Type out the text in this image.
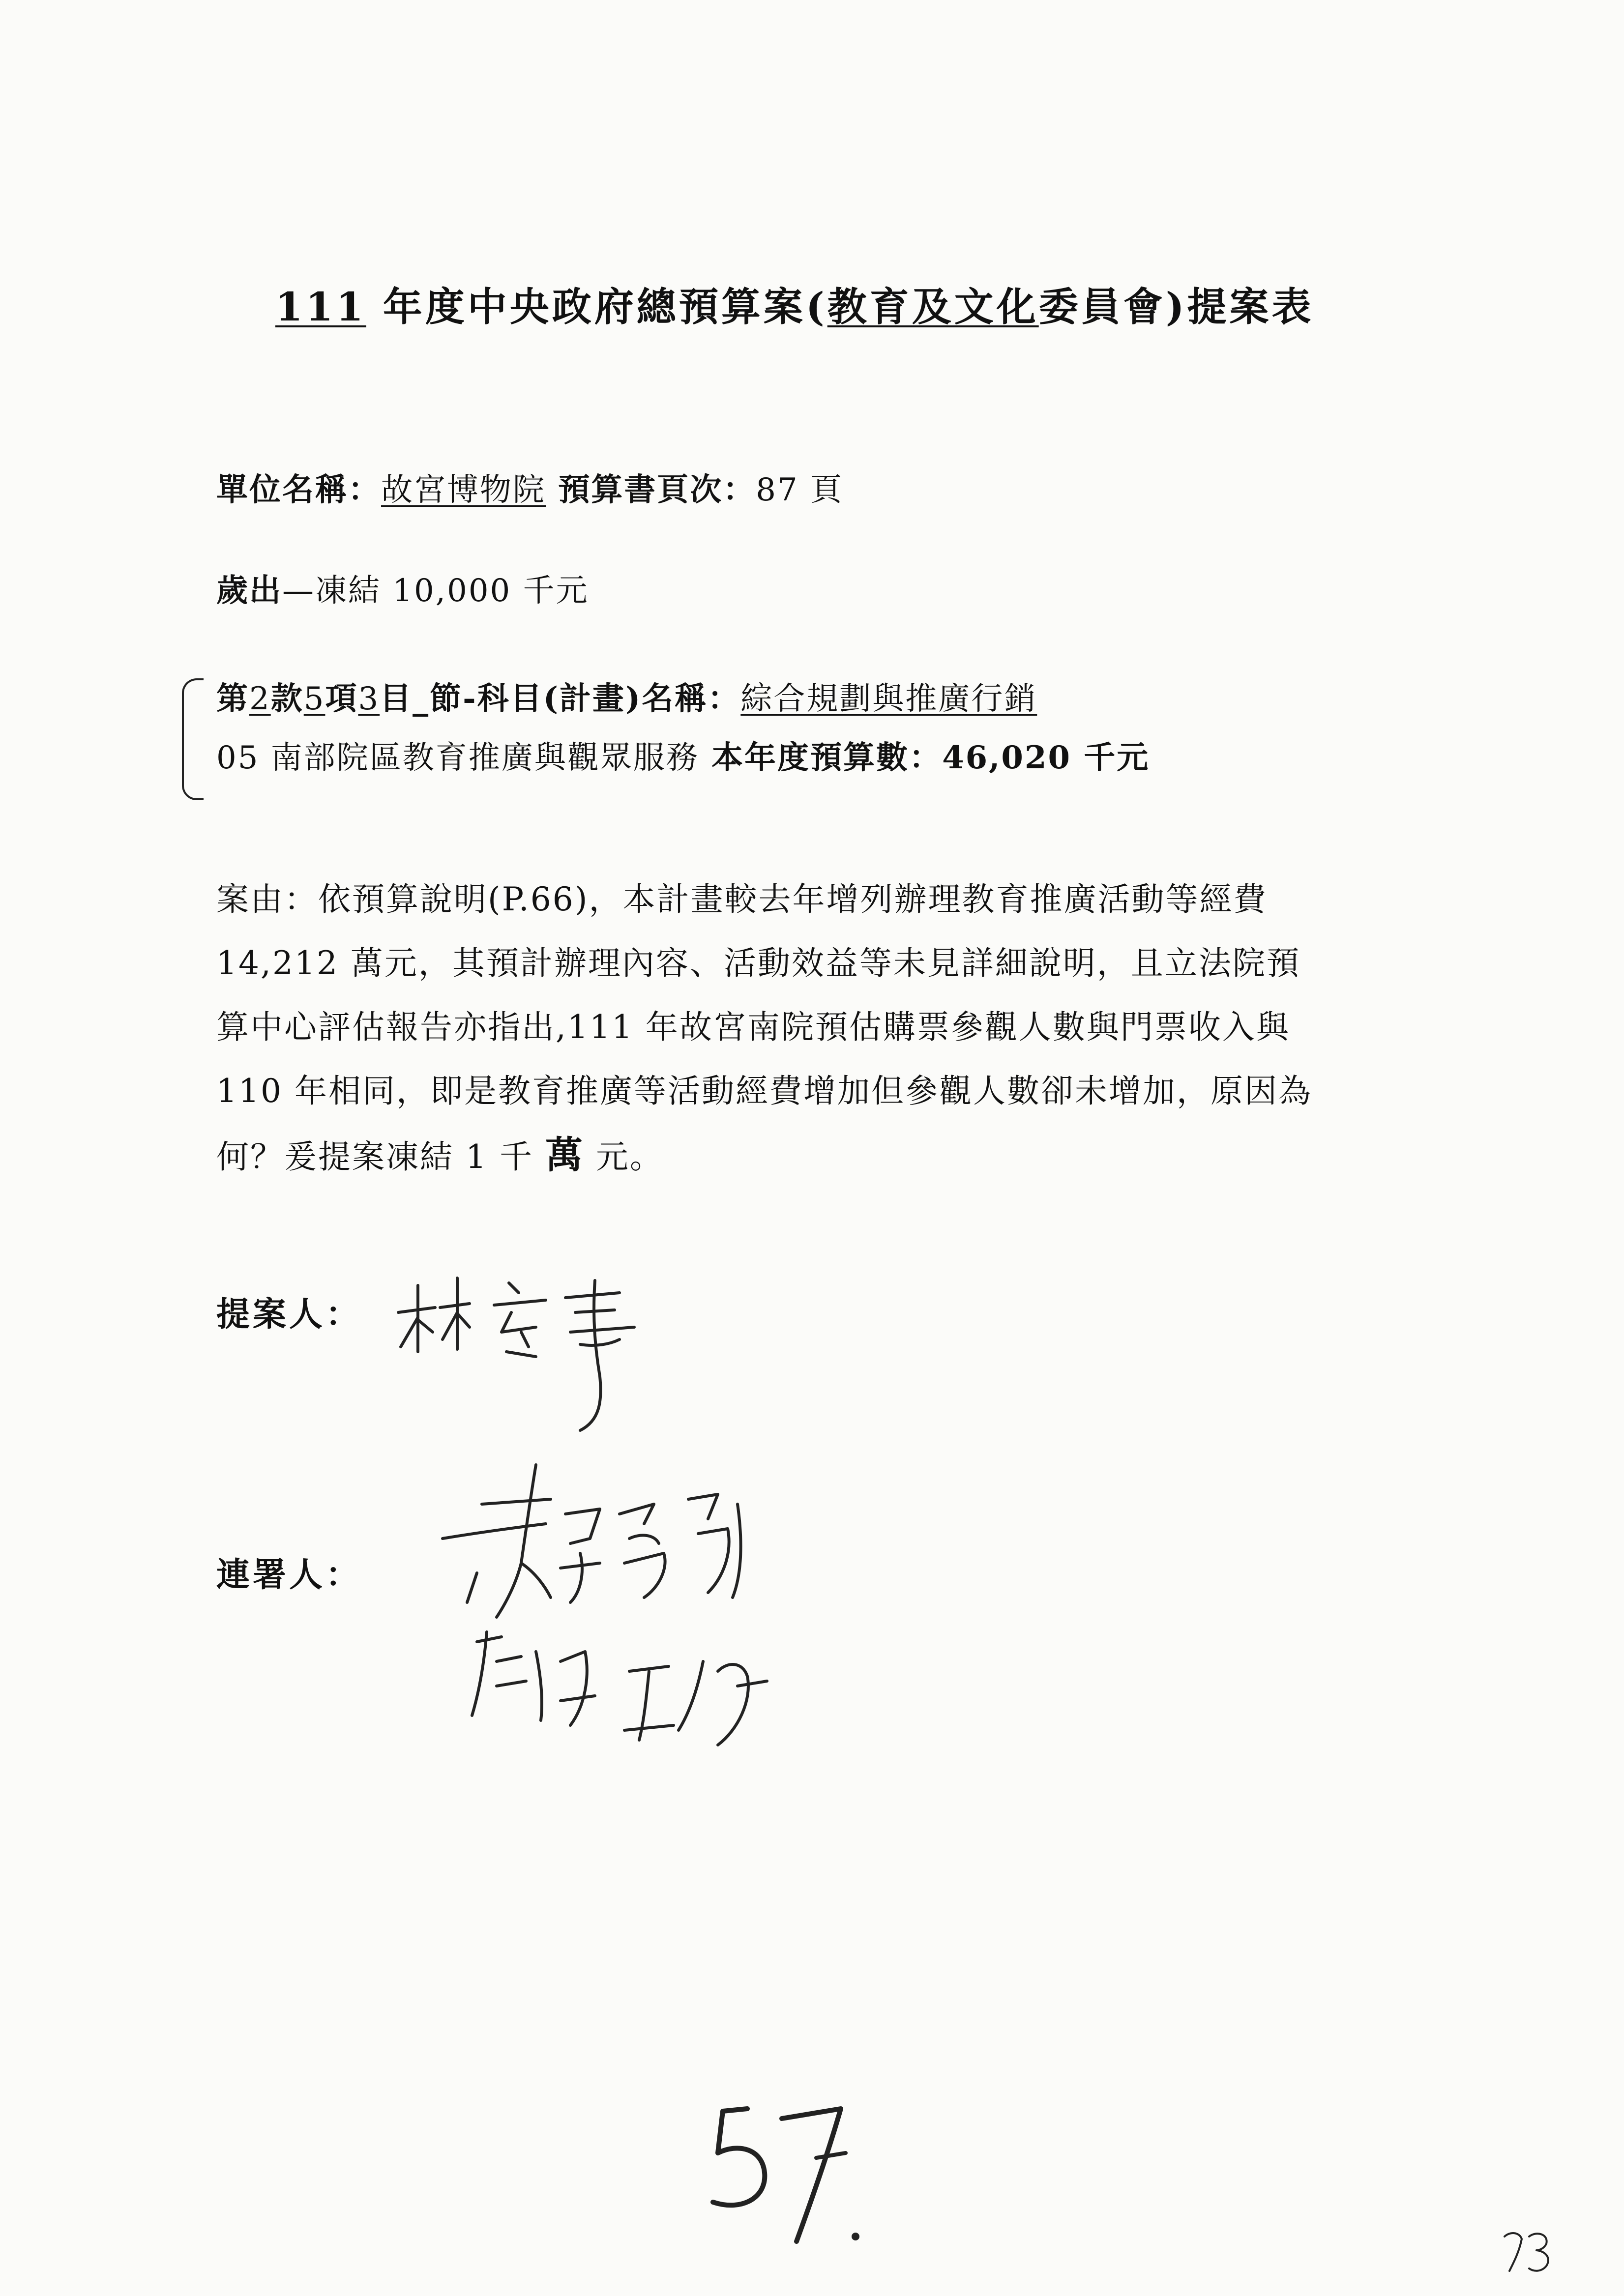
111 年度中央政府總預算案(教育及文化委員會)提案表
單位名稱：故宮博物院 預算書頁次：87 頁
歲出—凍結 10,000 千元
第2款5項3目_節-科目(計畫)名稱：綜合規劃與推廣行銷
05 南部院區教育推廣與觀眾服務 本年度預算數：46,020 千元
案由：依預算說明(P.66)，本計畫較去年增列辦理教育推廣活動等經費
14,212 萬元，其預計辦理內容、活動效益等未見詳細說明，且立法院預
算中心評估報告亦指出,111 年故宮南院預估購票參觀人數與門票收入與
110 年相同，即是教育推廣等活動經費增加但參觀人數卻未增加，原因為
何？爰提案凍結 1 千 萬 元。
提案人：
連署人：
